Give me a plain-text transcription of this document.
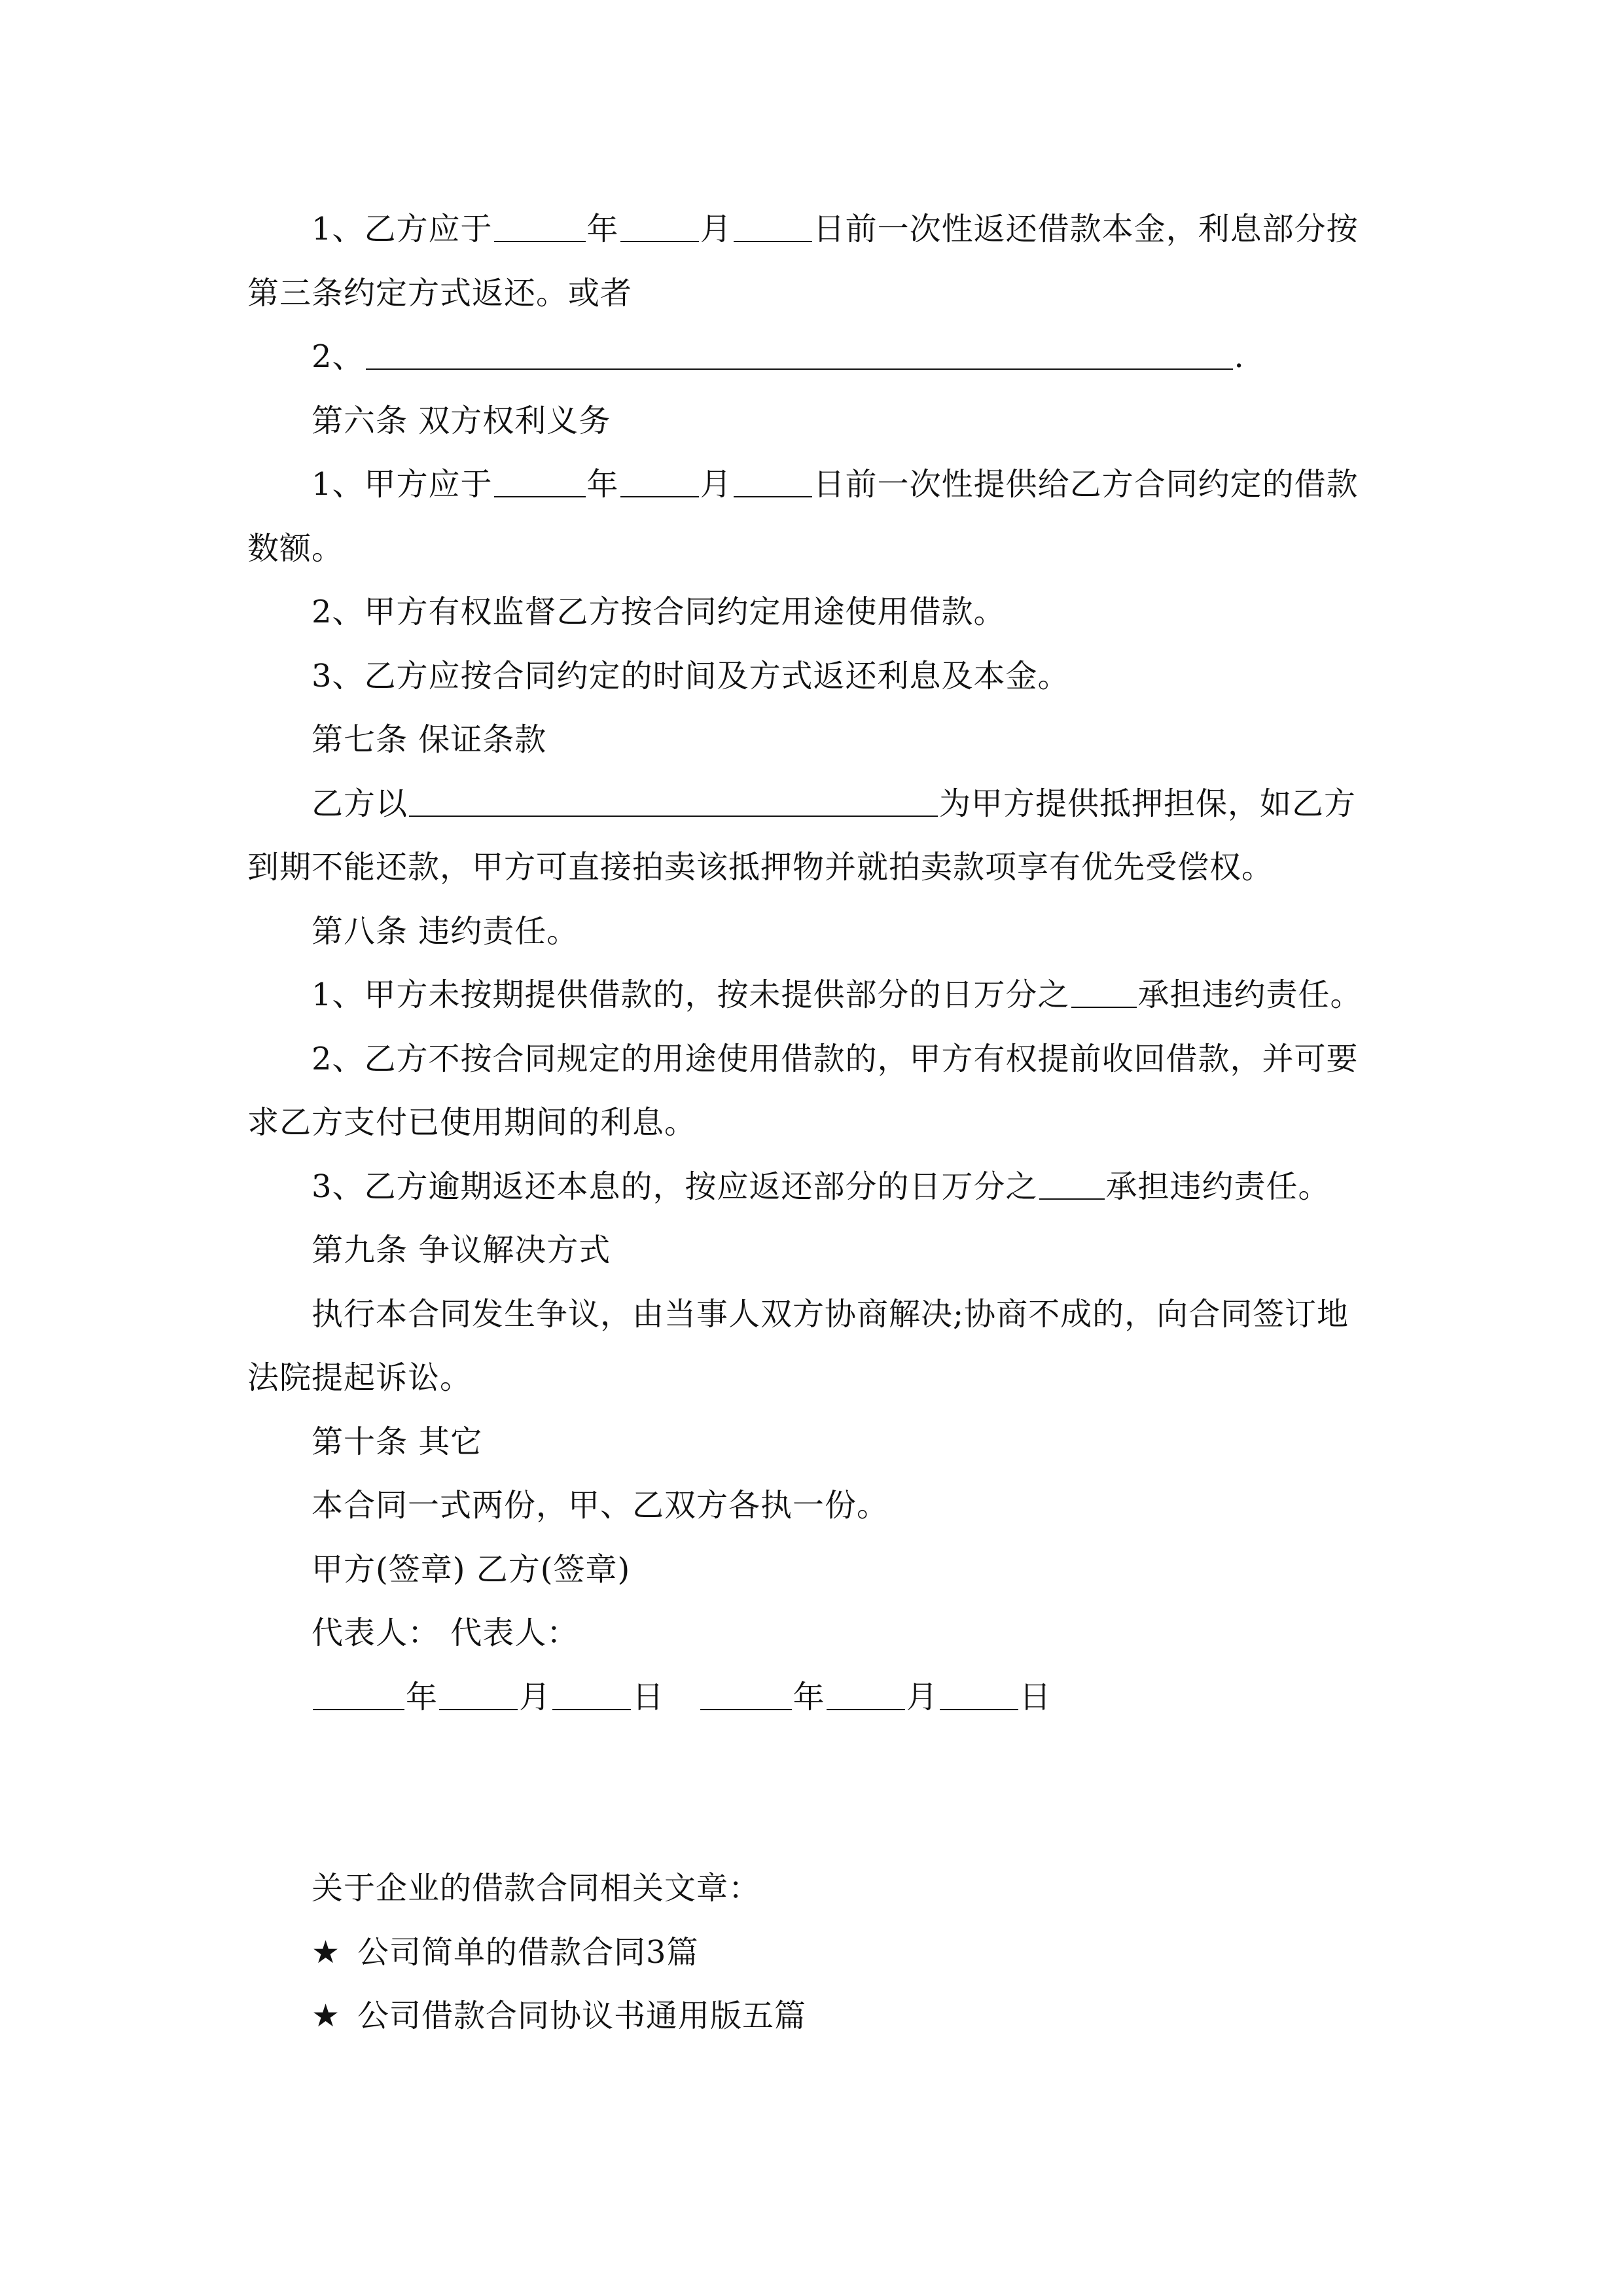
1、乙方应于	年	月	日前一次性返还借款本金，利息部分按
第三条约定方式返还。或者
2、	.
第六条 双方权利义务
1、甲方应于	年	月	日前一次性提供给乙方合同约定的借款
数额。
2、甲方有权监督乙方按合同约定用途使用借款。
3、乙方应按合同约定的时间及方式返还利息及本金。
第七条 保证条款
乙方以	为甲方提供抵押担保，如乙方
到期不能还款，甲方可直接拍卖该抵押物并就拍卖款项享有优先受偿权。
第八条 违约责任。
1、甲方未按期提供借款的，按未提供部分的日万分之 承担违约责任。
2、乙方不按合同规定的用途使用借款的，甲方有权提前收回借款，并可要
求乙方支付已使用期间的利息。
3、乙方逾期返还本息的，按应返还部分的日万分之 承担违约责任。
第九条 争议解决方式
执行本合同发生争议，由当事人双方协商解决;协商不成的，向合同签订地
法院提起诉讼。
第十条 其它
本合同一式两份，甲、乙双方各执一份。
甲方(签章) 乙方(签章)
代表人： 代表人：
年	月	日	年	月	日
关于企业的借款合同相关文章：
★ 公司简单的借款合同3篇
★ 公司借款合同协议书通用版五篇
